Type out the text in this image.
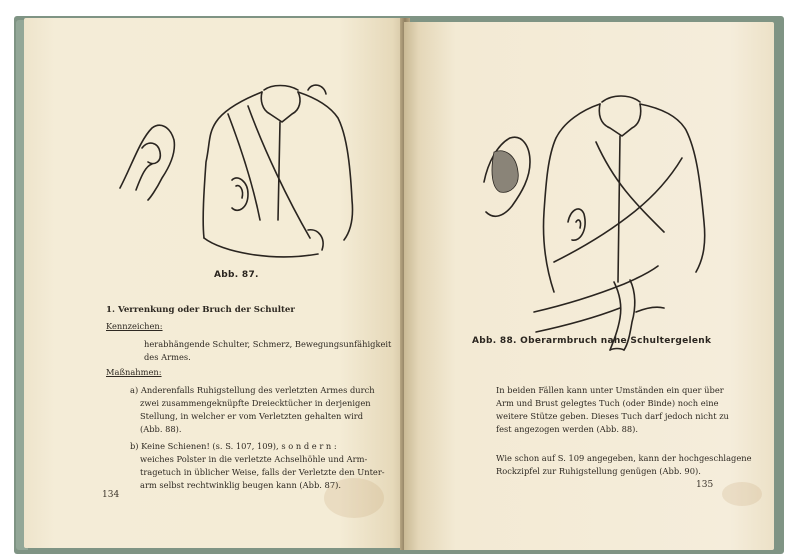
Abb. 87.
1. Verrenkung oder Bruch der Schulter
Kennzeichen:
herabhängende Schulter, Schmerz, Bewegungsunfähigkeit
des Armes.
Maßnahmen:
a) Anderenfalls Ruhigstellung des verletzten Armes durch
zwei zusammengeknüpfte Dreiecktücher in derjenigen
Stellung, in welcher er vom Verletzten gehalten wird
(Abb. 88).
b) Keine Schienen! (s. S. 107, 109), s o n d e r n :
weiches Polster in die verletzte Achselhöhle und Arm-
tragetuch in üblicher Weise, falls der Verletzte den Unter-
arm selbst rechtwinklig beugen kann (Abb. 87).
134
Abb. 88. Oberarmbruch nahe Schultergelenk
In beiden Fällen kann unter Umständen ein quer über
Arm und Brust gelegtes Tuch (oder Binde) noch eine
weitere Stütze geben. Dieses Tuch darf jedoch nicht zu
fest angezogen werden (Abb. 88).
Wie schon auf S. 109 angegeben, kann der hochgeschlagene
Rockzipfel zur Ruhigstellung genügen (Abb. 90).
135
